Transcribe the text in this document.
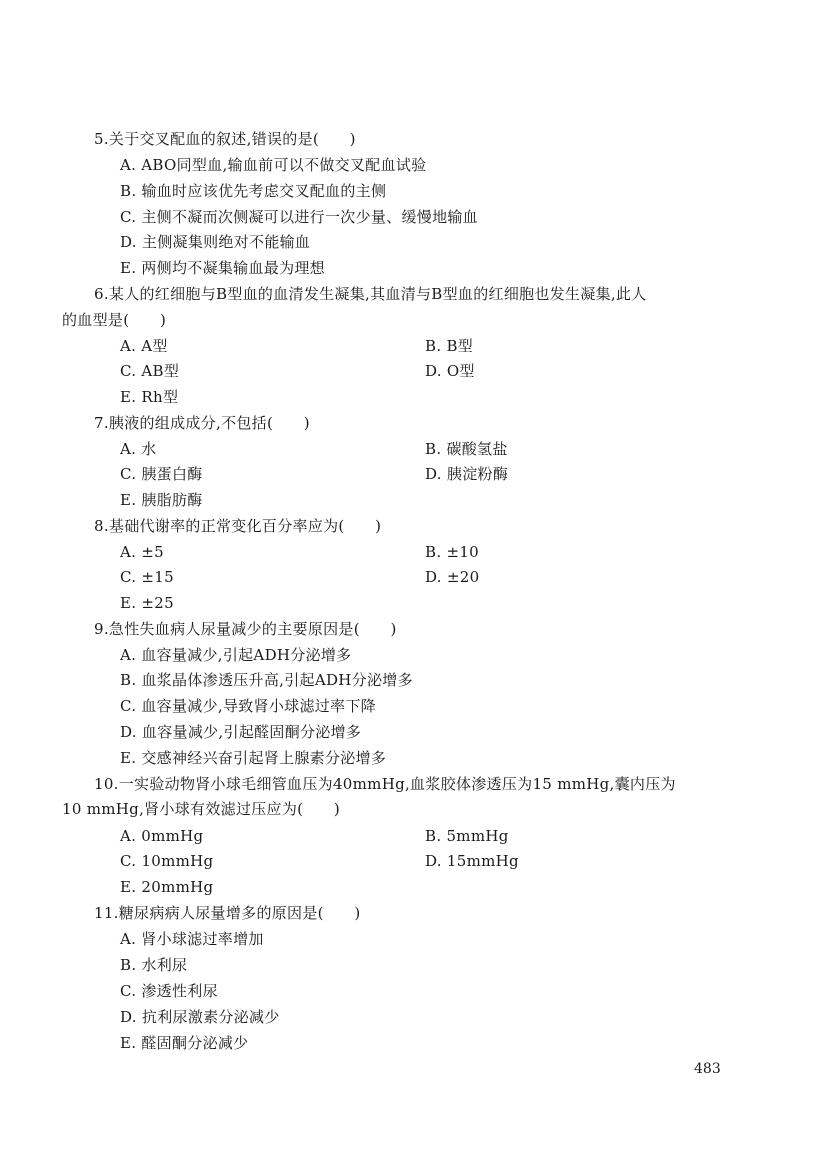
5.关于交叉配血的叙述,错误的是(　　)
A. ABO同型血,输血前可以不做交叉配血试验
B. 输血时应该优先考虑交叉配血的主侧
C. 主侧不凝而次侧凝可以进行一次少量、缓慢地输血
D. 主侧凝集则绝对不能输血
E. 两侧均不凝集输血最为理想
6.某人的红细胞与B型血的血清发生凝集,其血清与B型血的红细胞也发生凝集,此人
的血型是(　　)
A. A型	B. B型
C. AB型	D. O型
E. Rh型
7.胰液的组成成分,不包括(　　)
A. 水	B. 碳酸氢盐
C. 胰蛋白酶	D. 胰淀粉酶
E. 胰脂肪酶
8.基础代谢率的正常变化百分率应为(　　)
A. ±5	B. ±10
C. ±15	D. ±20
E. ±25
9.急性失血病人尿量减少的主要原因是(　　)
A. 血容量减少,引起ADH分泌增多
B. 血浆晶体渗透压升高,引起ADH分泌增多
C. 血容量减少,导致肾小球滤过率下降
D. 血容量减少,引起醛固酮分泌增多
E. 交感神经兴奋引起肾上腺素分泌增多
10.一实验动物肾小球毛细管血压为40mmHg,血浆胶体渗透压为15 mmHg,囊内压为
10 mmHg,肾小球有效滤过压应为(　　)
A. 0mmHg	B. 5mmHg
C. 10mmHg	D. 15mmHg
E. 20mmHg
11.糖尿病病人尿量增多的原因是(　　)
A. 肾小球滤过率增加
B. 水利尿
C. 渗透性利尿
D. 抗利尿激素分泌减少
E. 醛固酮分泌减少
483
